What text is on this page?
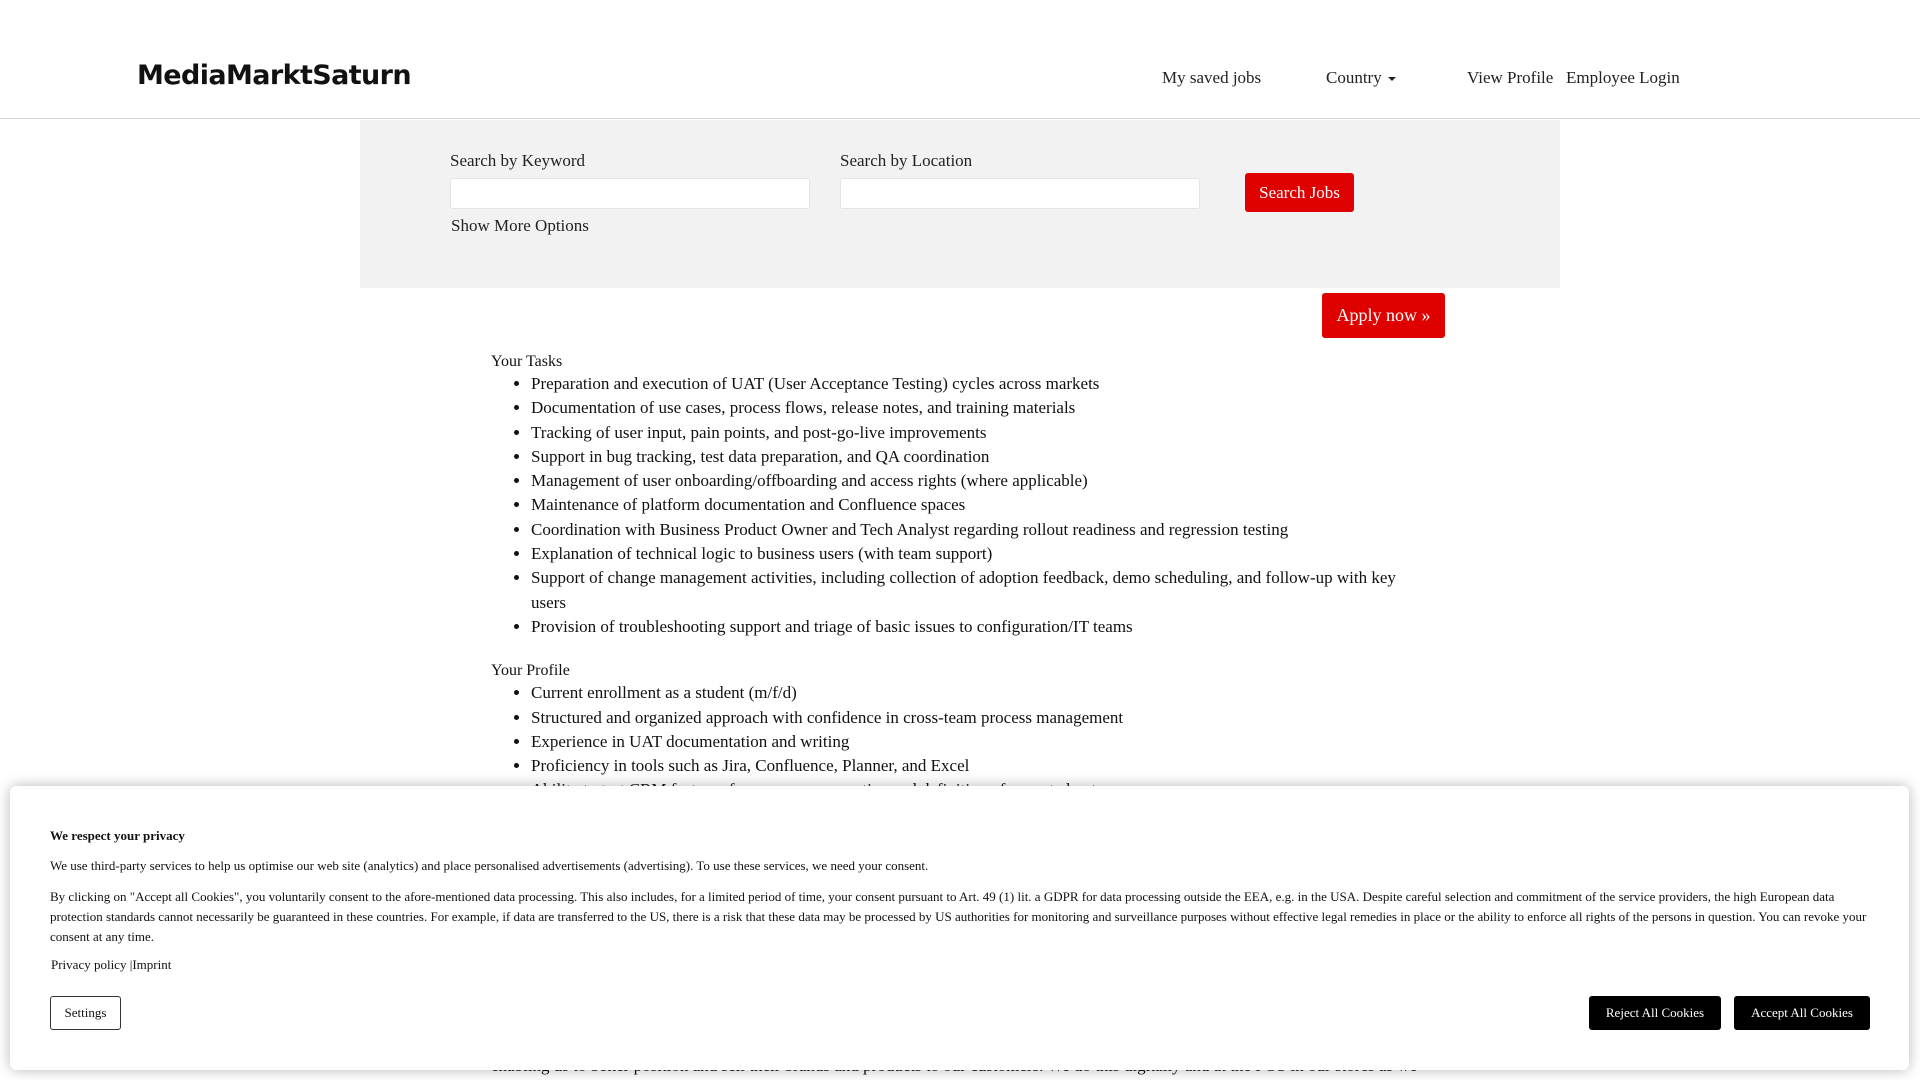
MediaMarktSaturn	My saved jobs	Country	View Profile Employee Login
Search by Keyword	Search by Location
Search Jobs
Show More Options
Apply now »

Your Tasks

• Preparation and execution of UAT (User Acceptance Testing) cycles across markets
• Documentation of use cases, process flows, release notes, and training materials
• Tracking of user input, pain points, and post-go-live improvements
• Support in bug tracking, test data preparation, and QA coordination
• Management of user onboarding/offboarding and access rights (where applicable)
• Maintenance of platform documentation and Confluence spaces
• Coordination with Business Product Owner and Tech Analyst regarding rollout readiness and regression testing
• Explanation of technical logic to business users (with team support)
• Support of change management activities, including collection of adoption feedback, demo scheduling, and follow-up with key users
• Provision of troubleshooting support and triage of basic issues to configuration/IT teams

Your Profile

• Current enrollment as a student (m/f/d)
• Structured and organized approach with confidence in cross-team process management
• Experience in UAT documentation and writing
• Proficiency in tools such as Jira, Confluence, Planner, and Excel
•
We respect your privacy
We use third-party services to help us optimise our web site (analytics) and place personalised advertisements (advertising). To use these services, we need your consent.
By clicking on "Accept all Cookies", you voluntarily consent to the afore-mentioned data processing. This also includes, for a limited period of time, your consent pursuant to Art. 49 (1) lit. a GDPR for data processing outside the EEA, e.g. in the USA. Despite careful selection and commitment of the service providers, the high European data protection standards cannot necessarily be guaranteed in these countries. For example, if data are transferred to the US, there is a risk that these data may be processed by US authorities for monitoring and surveillance purposes without effective legal remedies in place or the ability to enforce all rights of the persons in question. You can revoke your consent at any time.
Privacy policy |Imprint
Settings	Reject All Cookies	Accept All Cookies
